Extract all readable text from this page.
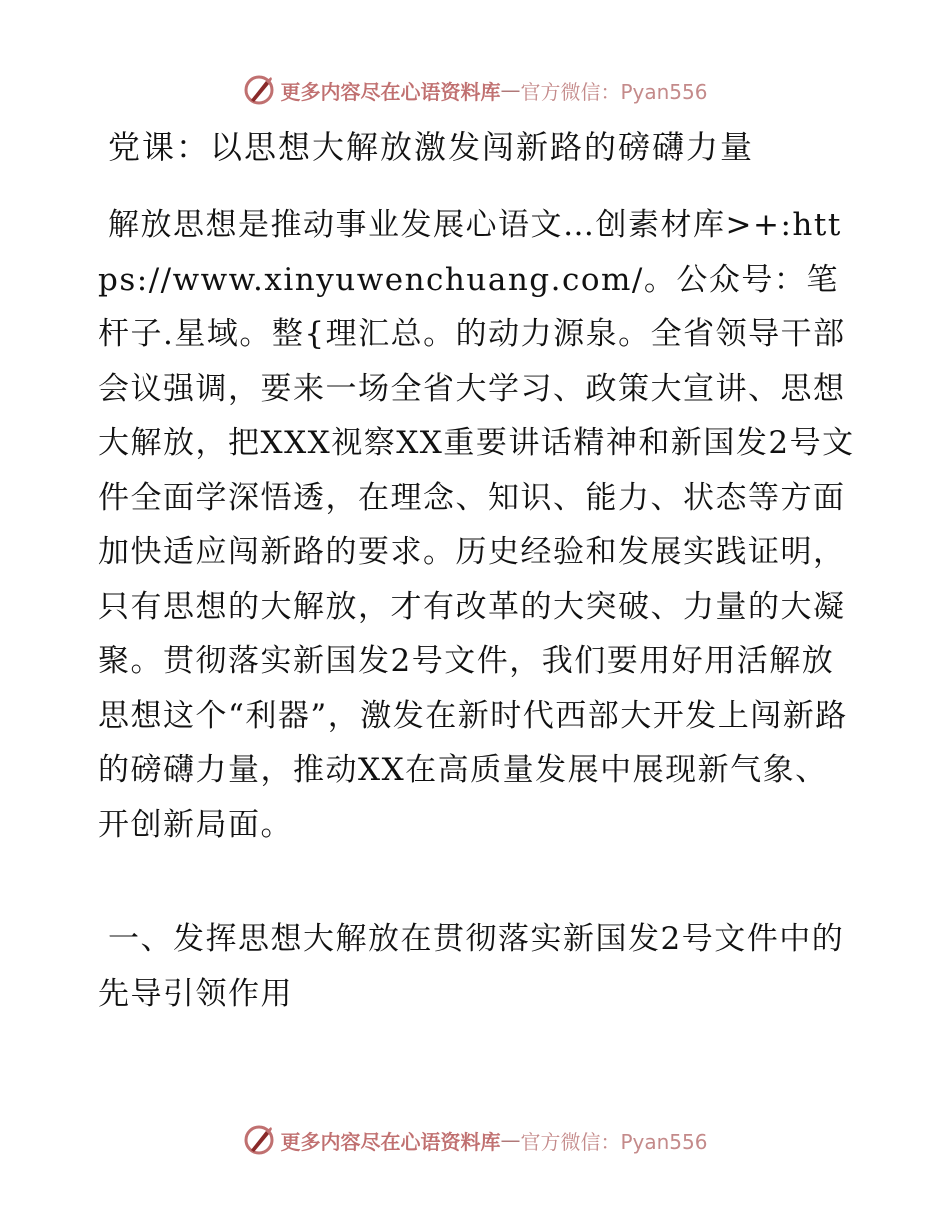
更多内容尽在心语资料库 — 官方微信：Pyan556
党课：以思想大解放激发闯新路的磅礴力量

解放思想是推动事业发展心语文…创素材库>+:https://www.xinyuwenchuang.com/。公众号：笔杆子.星域。整{理汇总。的动力源泉。全省领导干部会议强调，要来一场全省大学习、政策大宣讲、思想大解放，把XXX视察XX重要讲话精神和新国发2号文件全面学深悟透，在理念、知识、能力、状态等方面加快适应闯新路的要求。历史经验和发展实践证明，只有思想的大解放，才有改革的大突破、力量的大凝聚。贯彻落实新国发2号文件，我们要用好用活解放思想这个“利器”，激发在新时代西部大开发上闯新路的磅礴力量，推动XX在高质量发展中展现新气象、开创新局面。

一、发挥思想大解放在贯彻落实新国发2号文件中的先导引领作用
更多内容尽在心语资料库 — 官方微信：Pyan556
